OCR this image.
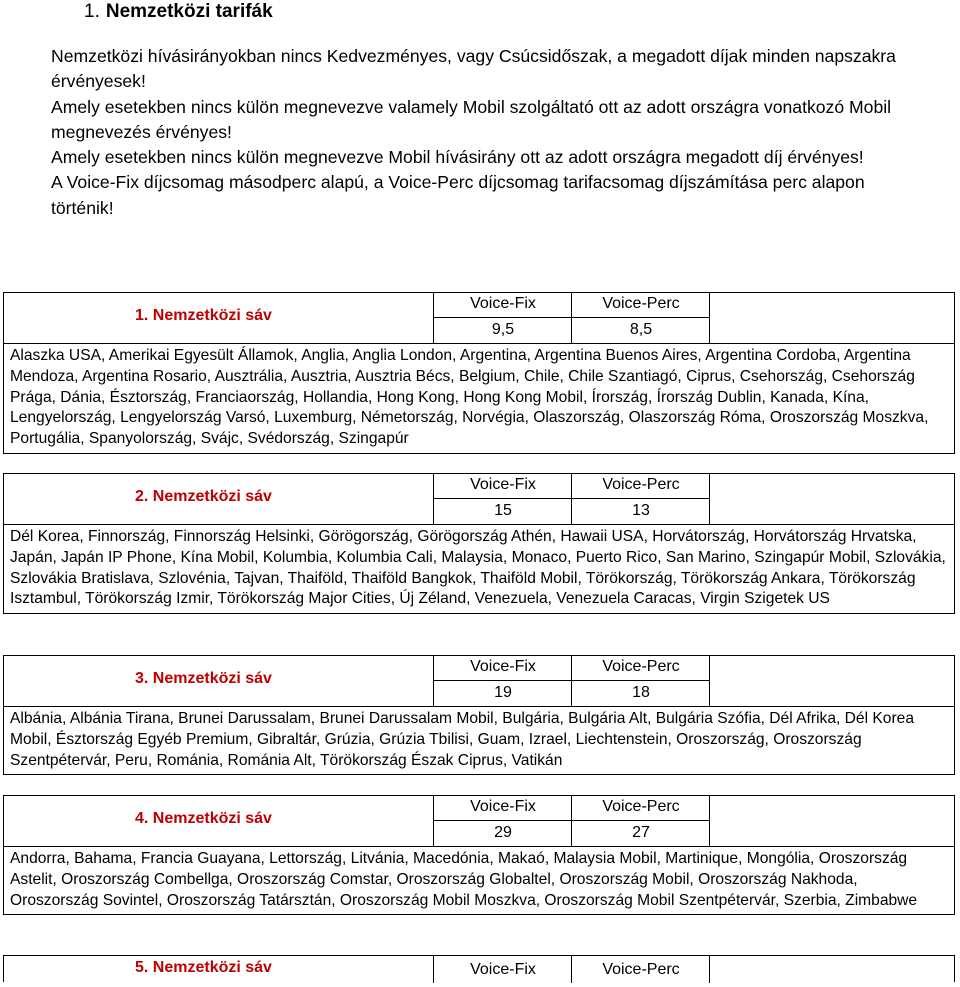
1. Nemzetközi tarifák

Nemzetközi hívásirányokban nincs Kedvezményes, vagy Csúcsidőszak, a megadott díjak minden napszakra érvényesek!

Amely esetekben nincs külön megnevezve valamely Mobil szolgáltató ott az adott országra vonatkozó Mobil megnevezés érvényes!

Amely esetekben nincs külön megnevezve Mobil hívásirány ott az adott országra megadott díj érvényes!

A Voice-Fix díjcsomag másodperc alapú, a Voice-Perc díjcsomag tarifacsomag díjszámítása perc alapon történik!

1. Nemzetközi sáv
Voice-Fix	Voice-Perc
9,5	8,5
Alaszka USA, Amerikai Egyesült Államok, Anglia, Anglia London, Argentina, Argentina Buenos Aires, Argentina Cordoba, Argentina Mendoza, Argentina Rosario, Ausztrália, Ausztria, Ausztria Bécs, Belgium, Chile, Chile Szantiagó, Ciprus, Csehország, Csehország Prága, Dánia, Észtország, Franciaország, Hollandia, Hong Kong, Hong Kong Mobil, Írország, Írország Dublin, Kanada, Kína, Lengyelország, Lengyelország Varsó, Luxemburg, Németország, Norvégia, Olaszország, Olaszország Róma, Oroszország Moszkva, Portugália, Spanyolország, Svájc, Svédország, Szingapúr
2. Nemzetközi sáv
Voice-Fix	Voice-Perc
15	13
Dél Korea, Finnország, Finnország Helsinki, Görögország, Görögország Athén, Hawaii USA, Horvátország, Horvátország Hrvatska, Japán, Japán IP Phone, Kína Mobil, Kolumbia, Kolumbia Cali, Malaysia, Monaco, Puerto Rico, San Marino, Szingapúr Mobil, Szlovákia, Szlovákia Bratislava, Szlovénia, Tajvan, Thaiföld, Thaiföld Bangkok, Thaiföld Mobil, Törökország, Törökország Ankara, Törökország Isztambul, Törökország Izmir, Törökország Major Cities, Új Zéland, Venezuela, Venezuela Caracas, Virgin Szigetek US
3. Nemzetközi sáv
Voice-Fix	Voice-Perc
19	18
Albánia, Albánia Tirana, Brunei Darussalam, Brunei Darussalam Mobil, Bulgária, Bulgária Alt, Bulgária Szófia, Dél Afrika, Dél Korea Mobil, Észtország Egyéb Premium, Gibraltár, Grúzia, Grúzia Tbilisi, Guam, Izrael, Liechtenstein, Oroszország, Oroszország Szentpétervár, Peru, Románia, Románia Alt, Törökország Észak Ciprus, Vatikán
4. Nemzetközi sáv
Voice-Fix	Voice-Perc
29	27
Andorra, Bahama, Francia Guayana, Lettország, Litvánia, Macedónia, Makaó, Malaysia Mobil, Martinique, Mongólia, Oroszország Astelit, Oroszország Combellga, Oroszország Comstar, Oroszország Globaltel, Oroszország Mobil, Oroszország Nakhoda, Oroszország Sovintel, Oroszország Tatársztán, Oroszország Mobil Moszkva, Oroszország Mobil Szentpétervár, Szerbia, Zimbabwe
5. Nemzetközi sáv	Voice-Fix	Voice-Perc
